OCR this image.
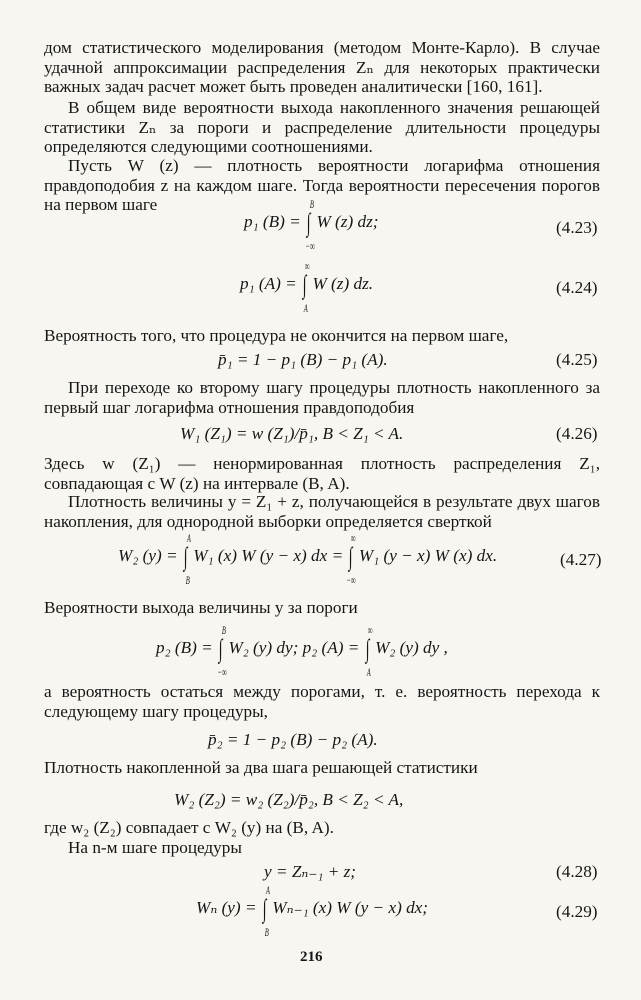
дом статистического моделирования (методом Монте-Карло). В случае удачной аппроксимации распределения Zₙ для некоторых практически важных задач расчет может быть проведен аналитически [160, 161].
В общем виде вероятности выхода накопленного значения решающей статистики Zₙ за пороги и распределение длительности процедуры определяются следующими соотношениями.
Пусть W (z) — плотность вероятности логарифма отношения правдоподобия z на каждом шаге. Тогда вероятности пересечения порогов на первом шаге
p₁ (B) = ∫
B
−∞
W (z) dz;	(4.23)
p₁ (A) = ∫
∞
A
W (z) dz.	(4.24)
Вероятность того, что процедура не окончится на первом шаге,
p̄₁ = 1 − p₁ (B) − p₁ (A).	(4.25)
При переходе ко второму шагу процедуры плотность накопленного за первый шаг логарифма отношения правдоподобия
W₁ (Z₁) = w (Z₁)/p̄₁, B < Z₁ < A.	(4.26)
Здесь w (Z₁) — ненормированная плотность распределения Z₁, совпадающая с W (z) на интервале (B, A).
Плотность величины y = Z₁ + z, получающейся в результате двух шагов накопления, для однородной выборки определяется сверткой
W₂ (y) = ∫
A
B
W₁ (x) W (y − x) dx = ∫
∞
−∞
W₁ (y − x) W (x) dx.	(4.27)
Вероятности выхода величины y за пороги
p₂ (B) = ∫
B
−∞
W₂ (y) dy; p₂ (A) = ∫
∞
A
W₂ (y) dy ,
а вероятность остаться между порогами, т. е. вероятность перехода к следующему шагу процедуры,
p̄₂ = 1 − p₂ (B) − p₂ (A).
Плотность накопленной за два шага решающей статистики
W₂ (Z₂) = w₂ (Z₂)/p̄₂, B < Z₂ < A,
где w₂ (Z₂) совпадает с W₂ (y) на (B, A).
На n-м шаге процедуры
y = Zₙ₋₁ + z;	(4.28)
Wₙ (y) = ∫
A
B
Wₙ₋₁ (x) W (y − x) dx;	(4.29)
216
